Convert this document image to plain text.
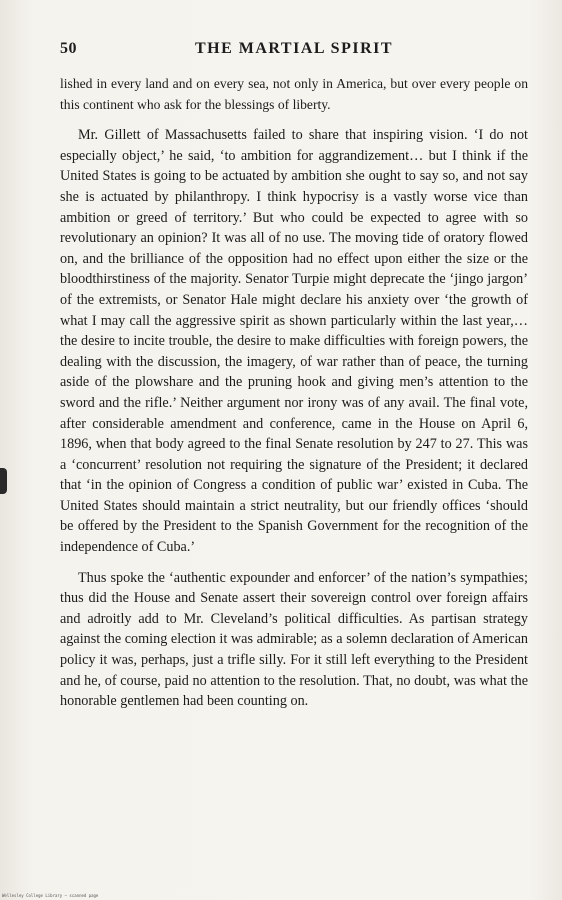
50	THE MARTIAL SPIRIT

lished in every land and on every sea, not only in America, but over every people on this continent who ask for the blessings of liberty.

Mr. Gillett of Massachusetts failed to share that inspiring vision. ‘I do not especially object,’ he said, ‘to ambition for aggrandizement… but I think if the United States is going to be actuated by ambition she ought to say so, and not say she is actuated by philanthropy. I think hypocrisy is a vastly worse vice than ambition or greed of territory.’ But who could be expected to agree with so revolutionary an opinion? It was all of no use. The moving tide of oratory flowed on, and the brilliance of the opposition had no effect upon either the size or the bloodthirstiness of the majority. Senator Turpie might deprecate the ‘jingo jargon’ of the extremists, or Senator Hale might declare his anxiety over ‘the growth of what I may call the aggressive spirit as shown particularly within the last year,… the desire to incite trouble, the desire to make difficulties with foreign powers, the dealing with the discussion, the imagery, of war rather than of peace, the turning aside of the plowshare and the pruning hook and giving men’s attention to the sword and the rifle.’ Neither argument nor irony was of any avail. The final vote, after considerable amendment and conference, came in the House on April 6, 1896, when that body agreed to the final Senate resolution by 247 to 27. This was a ‘concurrent’ resolution not requiring the signature of the President; it declared that ‘in the opinion of Congress a condition of public war’ existed in Cuba. The United States should maintain a strict neutrality, but our friendly offices ‘should be offered by the President to the Spanish Government for the recognition of the independence of Cuba.’

Thus spoke the ‘authentic expounder and enforcer’ of the nation’s sympathies; thus did the House and Senate assert their sovereign control over foreign affairs and adroitly add to Mr. Cleveland’s political difficulties. As partisan strategy against the coming election it was admirable; as a solemn declaration of American policy it was, perhaps, just a trifle silly. For it still left everything to the President and he, of course, paid no attention to the resolution. That, no doubt, was what the honorable gentlemen had been counting on.

Wellesley College Library — scanned page
